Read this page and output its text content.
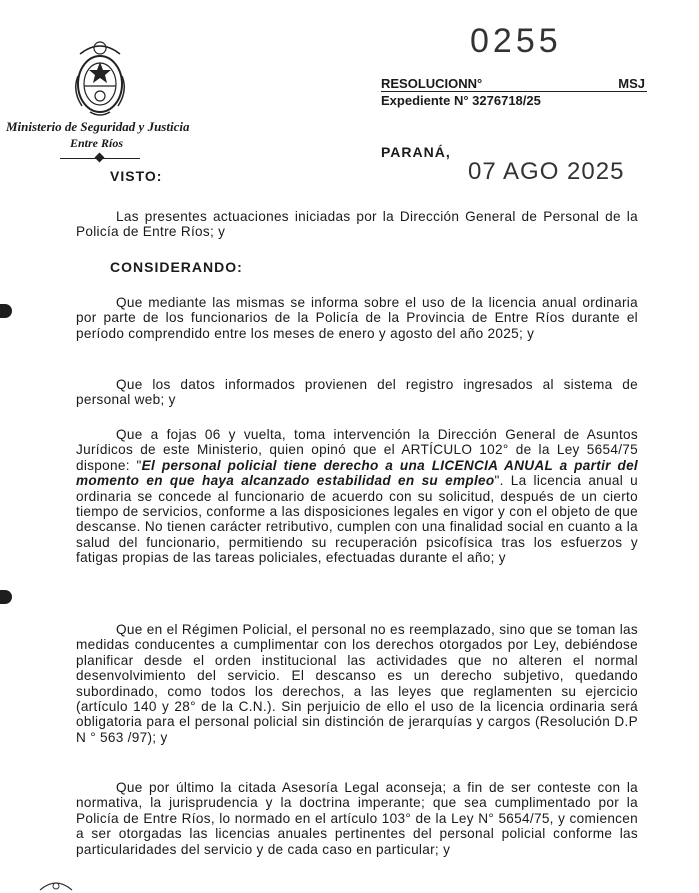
0255
RESOLUCIONN°	MSJ
Expediente N° 3276718/25
Ministerio de Seguridad y Justicia
Entre Ríos
PARANÁ,
07 AGO 2025
VISTO:
Las presentes actuaciones iniciadas por la Dirección General de Personal de la Policía de Entre Ríos; y
CONSIDERANDO:
Que mediante las mismas se informa sobre el uso de la licencia anual ordinaria por parte de los funcionarios de la Policía de la Provincia de Entre Ríos durante el período comprendido entre los meses de enero y agosto del año 2025; y
Que los datos informados provienen del registro ingresados al sistema de personal web; y
Que a fojas 06 y vuelta, toma intervención la Dirección General de Asuntos Jurídicos de este Ministerio, quien opinó que el ARTÍCULO 102° de la Ley 5654/75 dispone: "El personal policial tiene derecho a una LICENCIA ANUAL a partir del momento en que haya alcanzado estabilidad en su empleo". La licencia anual u ordinaria se concede al funcionario de acuerdo con su solicitud, después de un cierto tiempo de servicios, conforme a las disposiciones legales en vigor y con el objeto de que descanse. No tienen carácter retributivo, cumplen con una finalidad social en cuanto a la salud del funcionario, permitiendo su recuperación psicofísica tras los esfuerzos y fatigas propias de las tareas policiales, efectuadas durante el año; y
Que en el Régimen Policial, el personal no es reemplazado, sino que se toman las medidas conducentes a cumplimentar con los derechos otorgados por Ley, debiéndose planificar desde el orden institucional las actividades que no alteren el normal desenvolvimiento del servicio. El descanso es un derecho subjetivo, quedando subordinado, como todos los derechos, a las leyes que reglamenten su ejercicio (artículo 140 y 28° de la C.N.). Sin perjuicio de ello el uso de la licencia ordinaria será obligatoria para el personal policial sin distinción de jerarquías y cargos (Resolución D.P N ° 563 /97); y
Que por último la citada Asesoría Legal aconseja; a fin de ser conteste con la normativa, la jurisprudencia y la doctrina imperante; que sea cumplimentado por la Policía de Entre Ríos, lo normado en el artículo 103° de la Ley N° 5654/75, y comiencen a ser otorgadas las licencias anuales pertinentes del personal policial conforme las particularidades del servicio y de cada caso en particular; y
